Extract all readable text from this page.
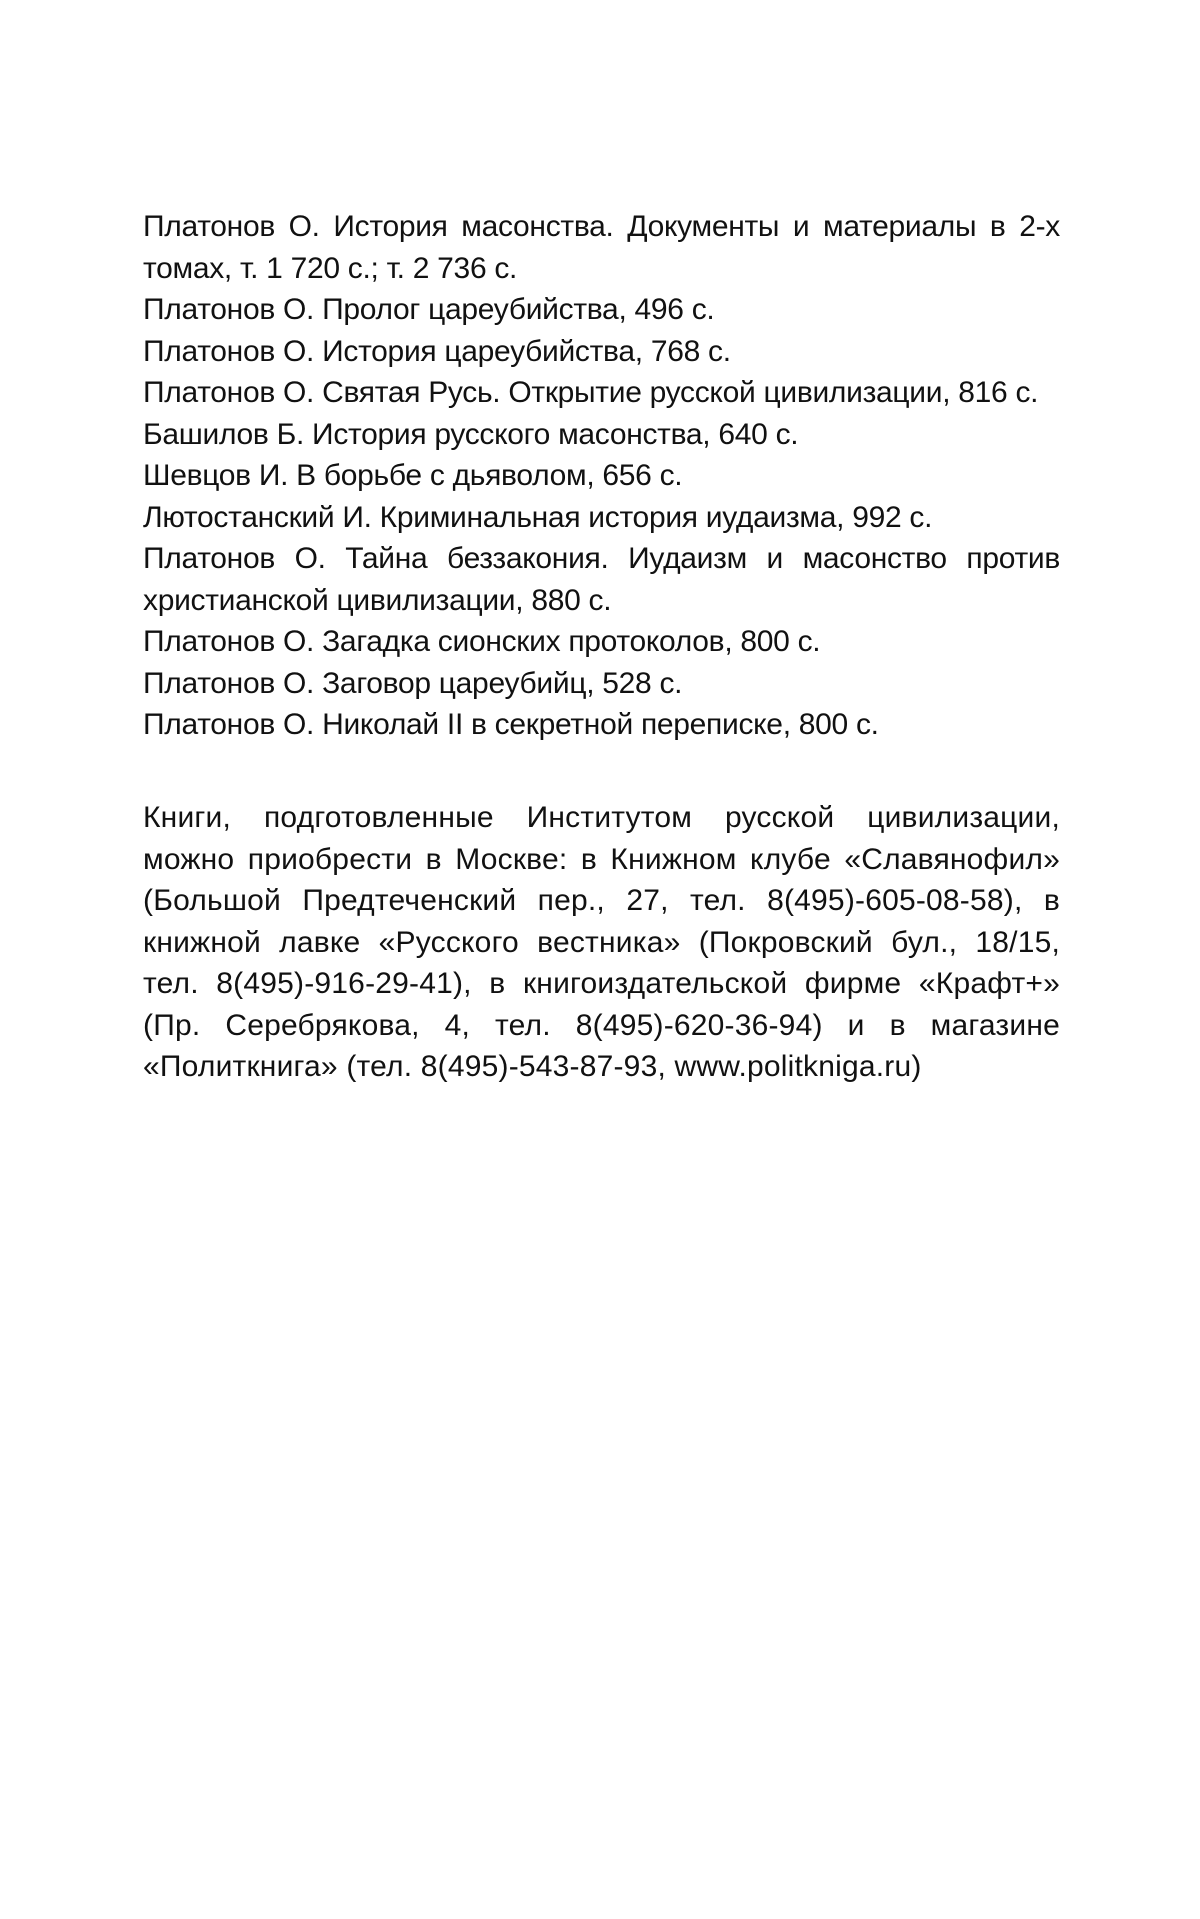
Платонов О. История масонства. Документы и материалы в 2-х томах, т. 1 720 с.; т. 2 736 с.
Платонов О. Пролог цареубийства, 496 с.
Платонов О. История цареубийства, 768 с.
Платонов О. Святая Русь. Открытие русской цивилизации, 816 с.
Башилов Б. История русского масонства, 640 с.
Шевцов И. В борьбе с дьяволом, 656 с.
Лютостанский И. Криминальная история иудаизма, 992 с.
Платонов О. Тайна беззакония. Иудаизм и масонство против христианской цивилизации, 880 с.
Платонов О. Загадка сионских протоколов, 800 с.
Платонов О. Заговор цареубийц, 528 с.
Платонов О. Николай II в секретной переписке, 800 с.

Книги, подготовленные Институтом русской цивилизации, можно приобрести в Москве: в Книжном клубе «Славянофил» (Большой Предтеченский пер., 27, тел. 8(495)-605-08-58), в книжной лавке «Русского вестника» (Покровский бул., 18/15, тел. 8(495)-916-29-41), в книгоиздательской фирме «Крафт+» (Пр. Серебрякова, 4, тел. 8(495)-620-36-94) и в магазине «Политкнига» (тел. 8(495)-543-87-93, www.politkniga.ru)
